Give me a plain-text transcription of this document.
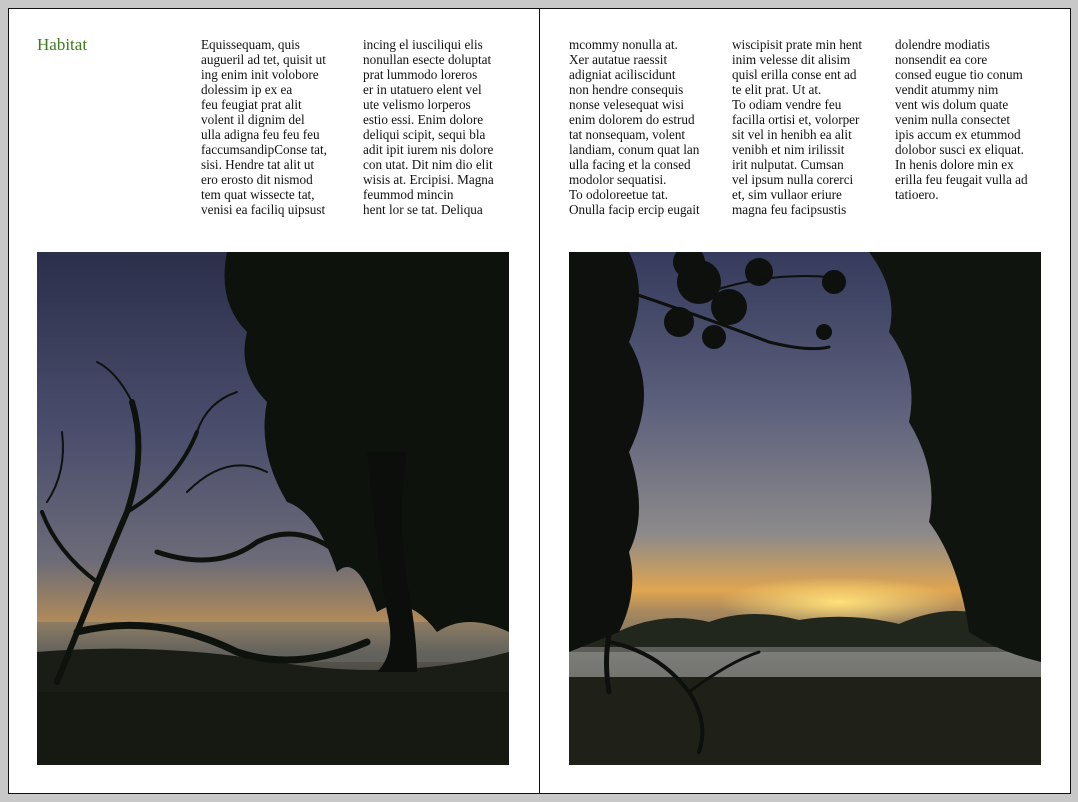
Habitat	Equissequam, quis
augueril ad tet, quisit ut
ing enim init volobore
dolessim ip ex ea
feu feugiat prat alit
volent il dignim del
ulla adigna feu feu feu
faccumsandipConse tat,
sisi. Hendre tat alit ut
ero erosto dit nismod
tem quat wissecte tat,
venisi ea faciliq uipsust

incing el iusciliqui elis
nonullan esecte doluptat
prat lummodo loreros
er in utatuero elent vel
ute velismo lorperos
estio essi. Enim dolore
deliqui scipit, sequi bla
adit ipit iurem nis dolore
con utat. Dit nim dio elit
wisis at. Ercipisi. Magna
feummod mincin
hent lor se tat. Deliqua

mcommy nonulla at.
Xer autatue raessit
adigniat aciliscidunt
non hendre consequis
nonse velesequat wisi
enim dolorem do estrud
tat nonsequam, volent
landiam, conum quat lan
ulla facing et la consed
modolor sequatisi.
To odoloreetue tat.
Onulla facip ercip eugait

wiscipisit prate min hent
inim velesse dit alisim
quisl erilla conse ent ad
te elit prat. Ut at.
To odiam vendre feu
facilla ortisi et, volorper
sit vel in henibh ea alit
venibh et nim irilissit
irit nulputat. Cumsan
vel ipsum nulla corerci
et, sim vullaor eriure
magna feu facipsustis

dolendre modiatis
nonsendit ea core
consed eugue tio conum
vendit atummy nim
vent wis dolum quate
venim nulla consectet
ipis accum ex etummod
dolobor susci ex eliquat.
In henis dolore min ex
erilla feu feugait vulla ad
tatioero.
